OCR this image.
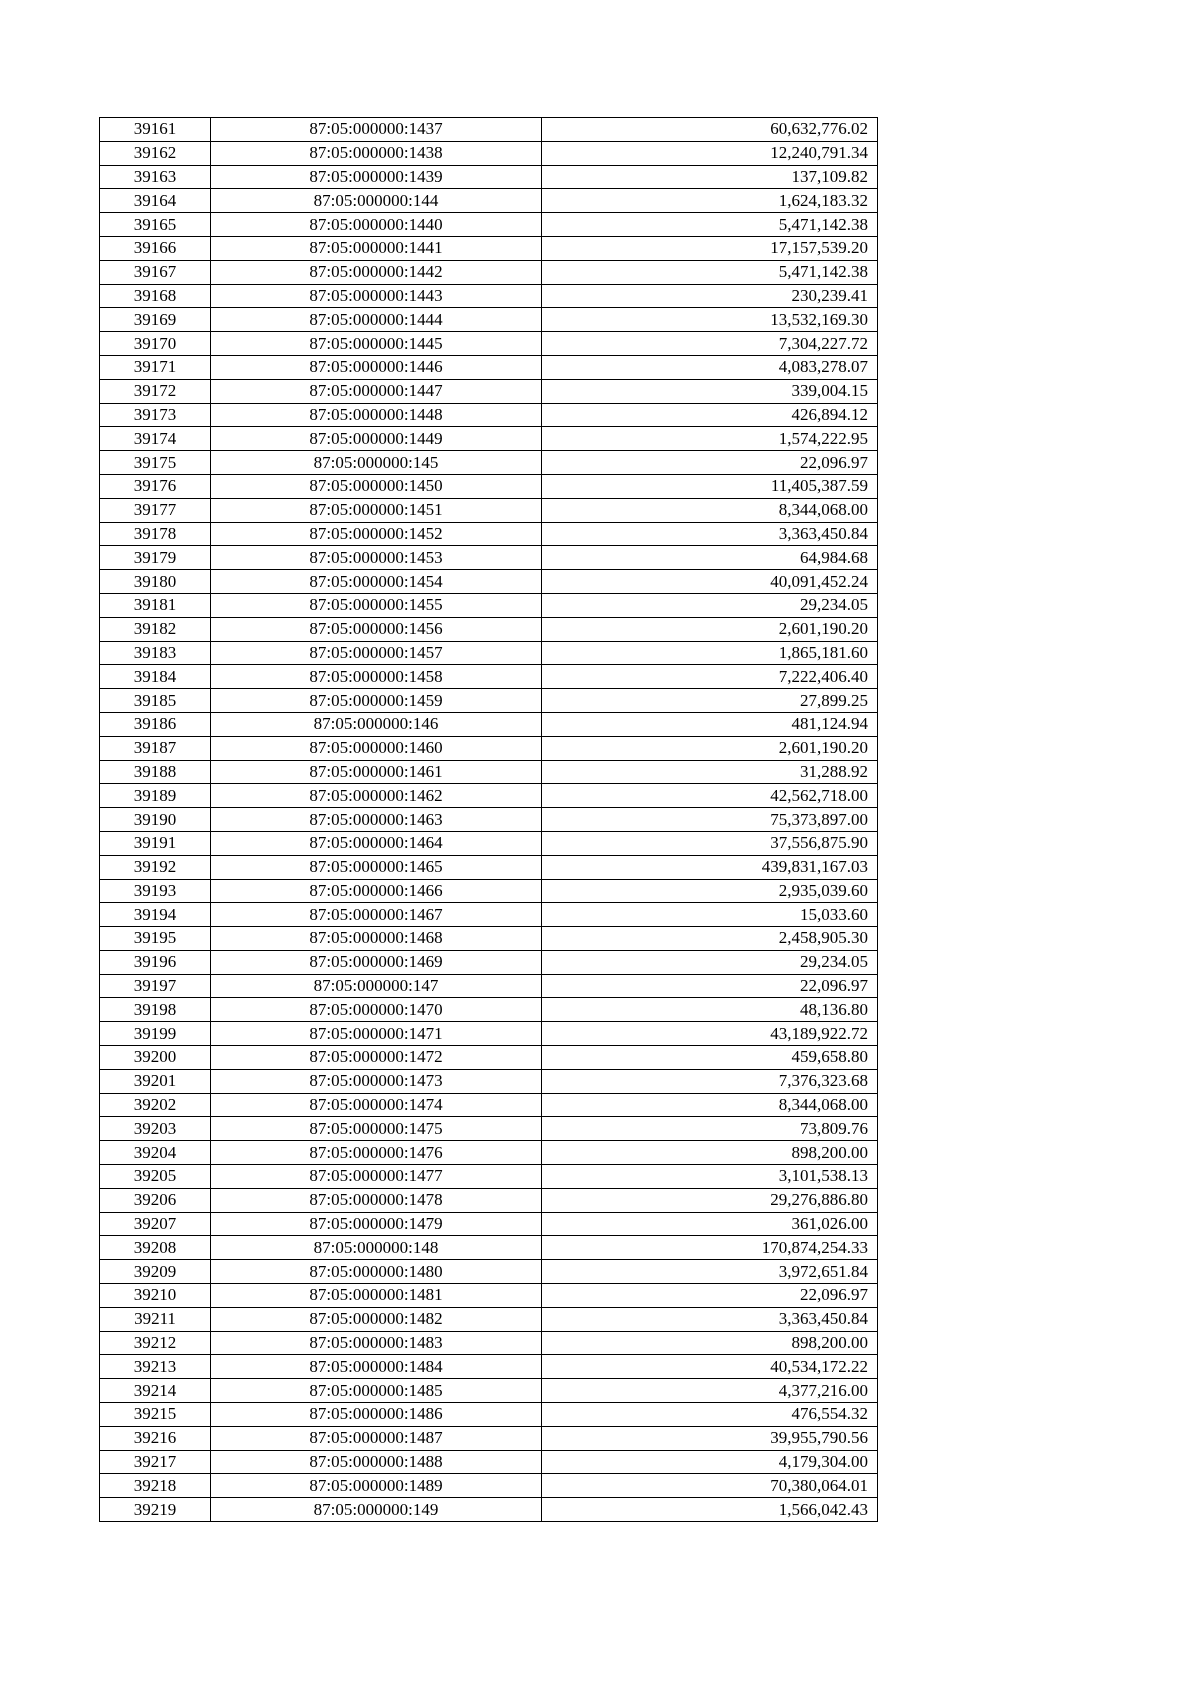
39161	87:05:000000:1437	60,632,776.02
39162	87:05:000000:1438	12,240,791.34
39163	87:05:000000:1439	137,109.82
39164	87:05:000000:144	1,624,183.32
39165	87:05:000000:1440	5,471,142.38
39166	87:05:000000:1441	17,157,539.20
39167	87:05:000000:1442	5,471,142.38
39168	87:05:000000:1443	230,239.41
39169	87:05:000000:1444	13,532,169.30
39170	87:05:000000:1445	7,304,227.72
39171	87:05:000000:1446	4,083,278.07
39172	87:05:000000:1447	339,004.15
39173	87:05:000000:1448	426,894.12
39174	87:05:000000:1449	1,574,222.95
39175	87:05:000000:145	22,096.97
39176	87:05:000000:1450	11,405,387.59
39177	87:05:000000:1451	8,344,068.00
39178	87:05:000000:1452	3,363,450.84
39179	87:05:000000:1453	64,984.68
39180	87:05:000000:1454	40,091,452.24
39181	87:05:000000:1455	29,234.05
39182	87:05:000000:1456	2,601,190.20
39183	87:05:000000:1457	1,865,181.60
39184	87:05:000000:1458	7,222,406.40
39185	87:05:000000:1459	27,899.25
39186	87:05:000000:146	481,124.94
39187	87:05:000000:1460	2,601,190.20
39188	87:05:000000:1461	31,288.92
39189	87:05:000000:1462	42,562,718.00
39190	87:05:000000:1463	75,373,897.00
39191	87:05:000000:1464	37,556,875.90
39192	87:05:000000:1465	439,831,167.03
39193	87:05:000000:1466	2,935,039.60
39194	87:05:000000:1467	15,033.60
39195	87:05:000000:1468	2,458,905.30
39196	87:05:000000:1469	29,234.05
39197	87:05:000000:147	22,096.97
39198	87:05:000000:1470	48,136.80
39199	87:05:000000:1471	43,189,922.72
39200	87:05:000000:1472	459,658.80
39201	87:05:000000:1473	7,376,323.68
39202	87:05:000000:1474	8,344,068.00
39203	87:05:000000:1475	73,809.76
39204	87:05:000000:1476	898,200.00
39205	87:05:000000:1477	3,101,538.13
39206	87:05:000000:1478	29,276,886.80
39207	87:05:000000:1479	361,026.00
39208	87:05:000000:148	170,874,254.33
39209	87:05:000000:1480	3,972,651.84
39210	87:05:000000:1481	22,096.97
39211	87:05:000000:1482	3,363,450.84
39212	87:05:000000:1483	898,200.00
39213	87:05:000000:1484	40,534,172.22
39214	87:05:000000:1485	4,377,216.00
39215	87:05:000000:1486	476,554.32
39216	87:05:000000:1487	39,955,790.56
39217	87:05:000000:1488	4,179,304.00
39218	87:05:000000:1489	70,380,064.01
39219	87:05:000000:149	1,566,042.43
